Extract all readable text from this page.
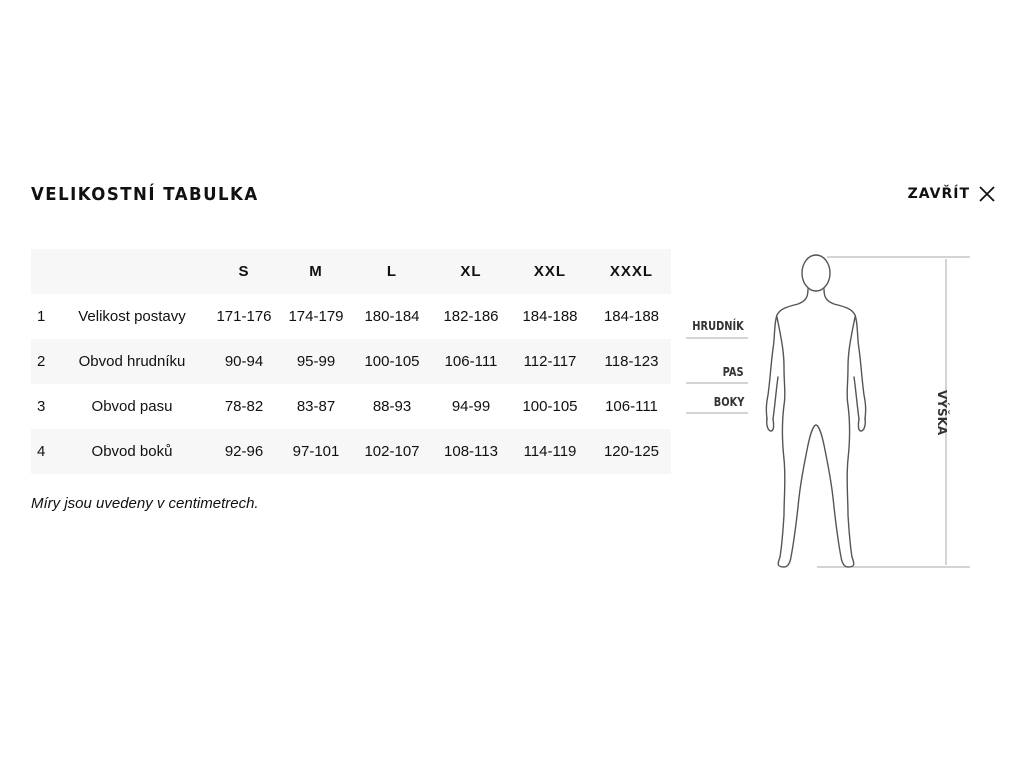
VELIKOSTNÍ TABULKA	ZAVŘÍT
		S	M	L	XL	XXL	XXXL
1	Velikost postavy	171-176	174-179	180-184	182-186	184-188	184-188
2	Obvod hrudníku	90-94	95-99	100-105	106-111	112-117	118-123
3	Obvod pasu	78-82	83-87	88-93	94-99	100-105	106-111
4	Obvod boků	92-96	97-101	102-107	108-113	114-119	120-125
Míry jsou uvedeny v centimetrech.
HRUDNÍK
PAS
BOKY	VÝŠKA
